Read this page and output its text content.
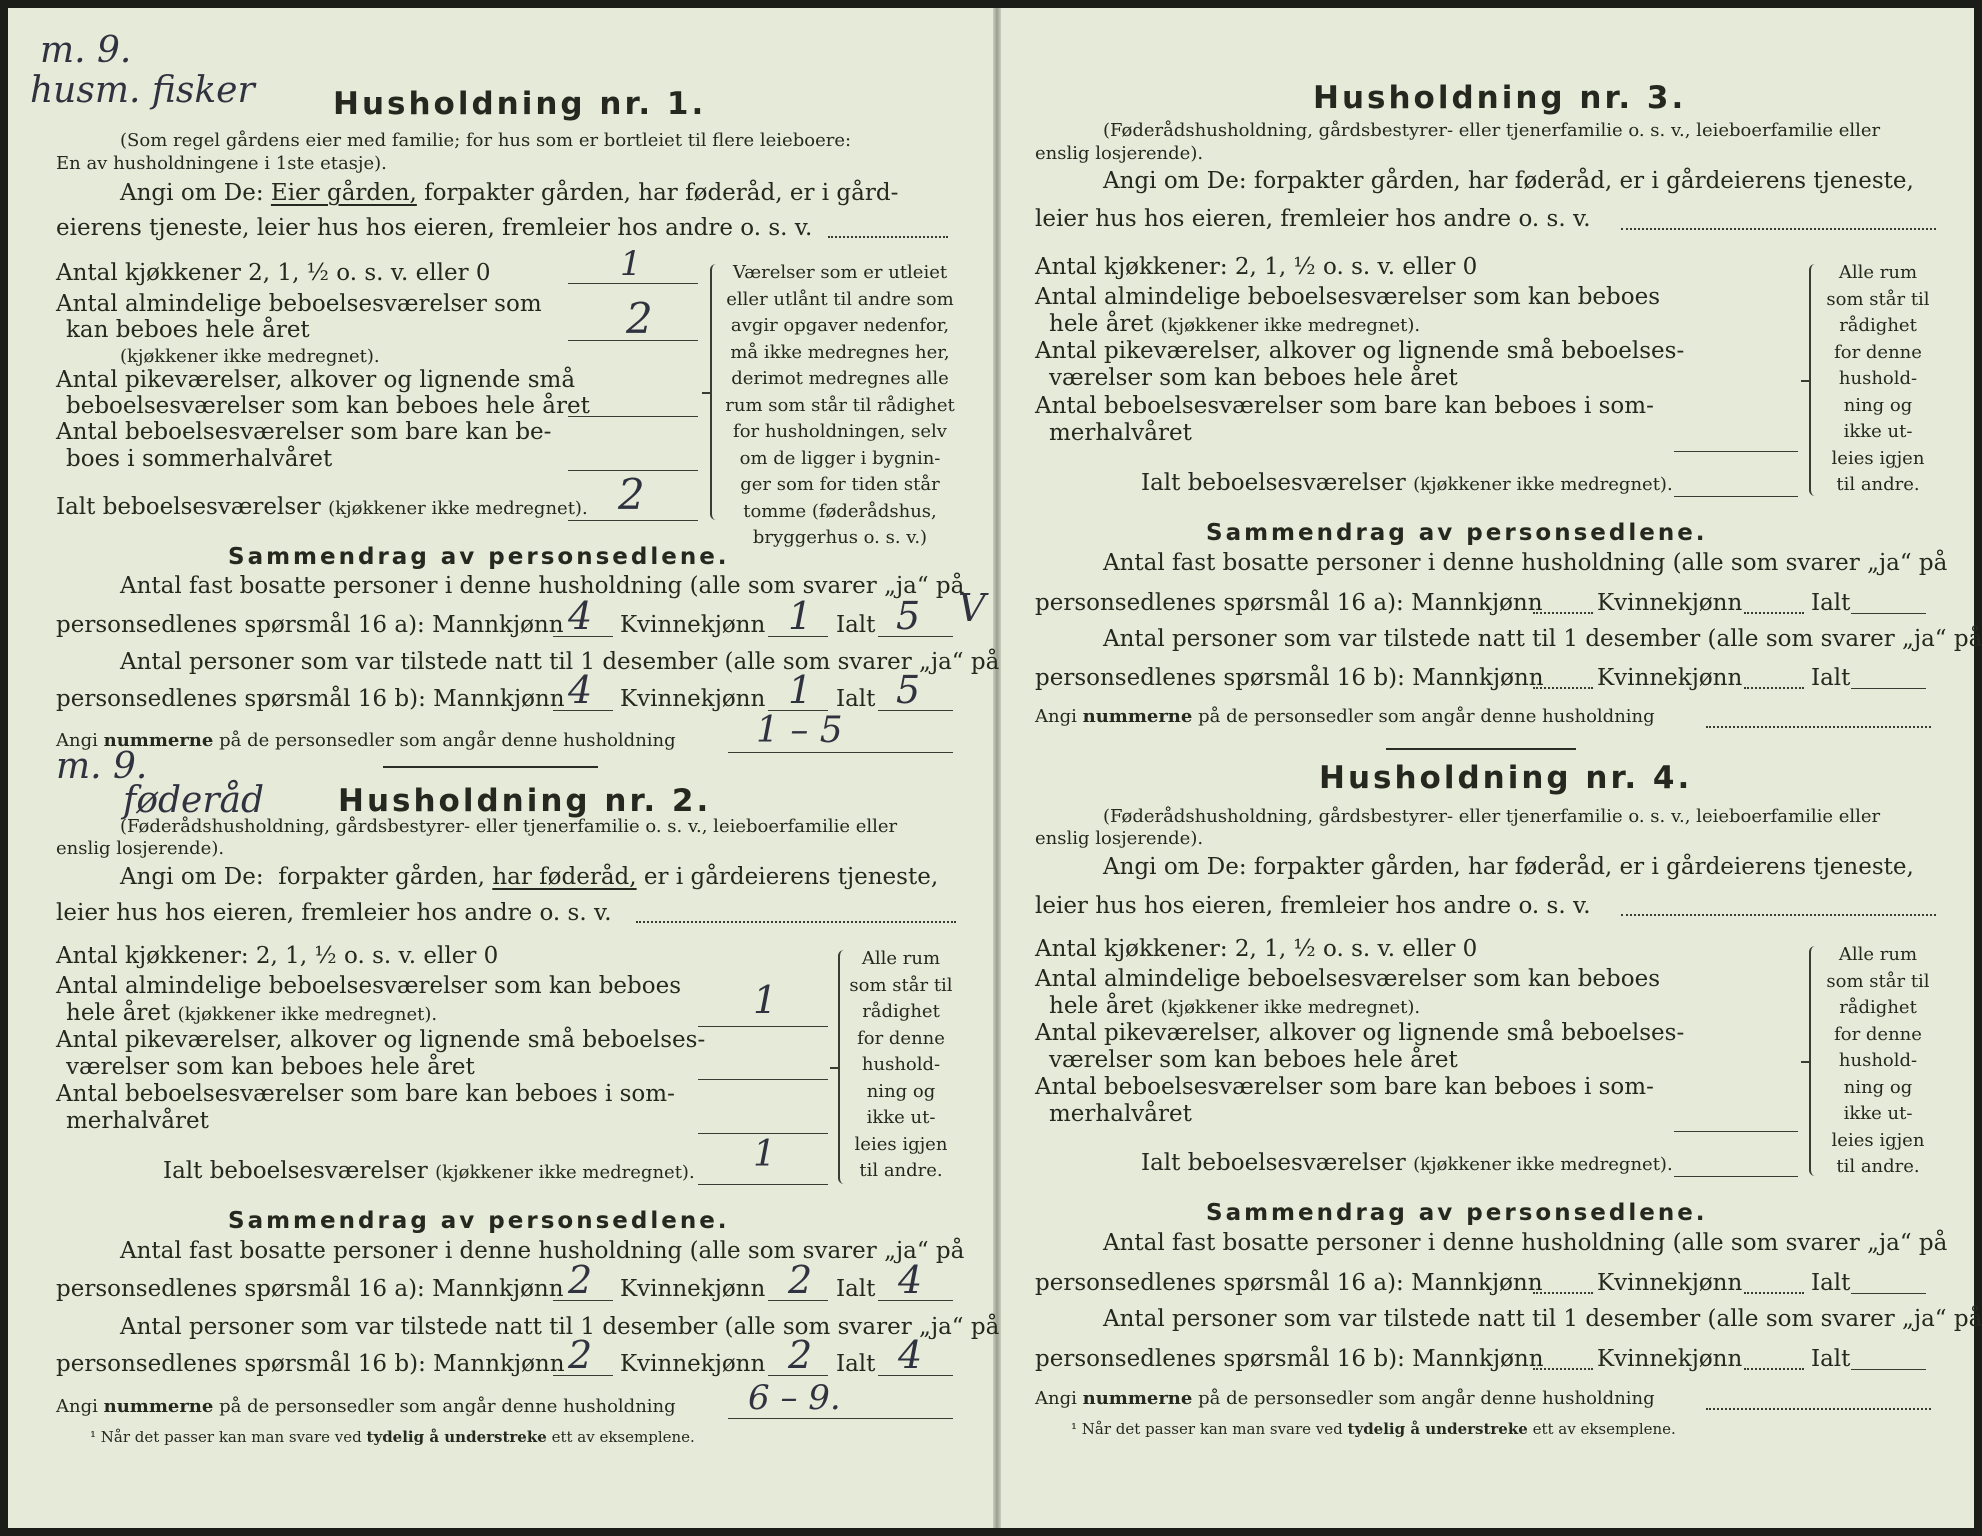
m. 9.
husm. fisker	Husholdning nr. 1.
(Som regel gårdens eier med familie; for hus som er bortleiet til flere leieboere:
En av husholdningene i 1ste etasje).
Angi om De: Eier gården, forpakter gården, har føderåd, er i gård-
eierens tjeneste, leier hus hos eieren, fremleier hos andre o. s. v.
Antal kjøkkener 2, 1, ½ o. s. v. eller 0	1
Antal almindelige beboelsesværelser som
kan beboes hele året	2
(kjøkkener ikke medregnet).
Antal pikeværelser, alkover og lignende små
beboelsesværelser som kan beboes hele året
Antal beboelsesværelser som bare kan be-
boes i sommerhalvåret
Ialt beboelsesværelser (kjøkkener ikke medregnet). 2
Værelser som er utleiet
eller utlånt til andre som
avgir opgaver nedenfor,
må ikke medregnes her,
derimot medregnes alle
rum som står til rådighet
for husholdningen, selv
om de ligger i bygnin-
ger som for tiden står
tomme (føderådshus,
bryggerhus o. s. v.)
Sammendrag av personsedlene.
Antal fast bosatte personer i denne husholdning (alle som svarer „ja“ på
personsedlenes spørsmål 16 a): Mannkjønn 4 Kvinnekjønn 1 Ialt 5 V
Antal personer som var tilstede natt til 1 desember (alle som svarer „ja“ på
personsedlenes spørsmål 16 b): Mannkjønn 4 Kvinnekjønn 1 Ialt 5
Angi nummerne på de personsedler som angår denne husholdning 1 – 5
m. 9.
føderåd Husholdning nr. 2.
(Føderådshusholdning, gårdsbestyrer- eller tjenerfamilie o. s. v., leieboerfamilie eller
enslig losjerende).
Angi om De: forpakter gården, har føderåd, er i gårdeierens tjeneste,
leier hus hos eieren, fremleier hos andre o. s. v.
Antal kjøkkener: 2, 1, ½ o. s. v. eller 0
Antal almindelige beboelsesværelser som kan beboes
hele året (kjøkkener ikke medregnet).	1
Antal pikeværelser, alkover og lignende små beboelses-
værelser som kan beboes hele året
Antal beboelsesværelser som bare kan beboes i som-
merhalvåret
Ialt beboelsesværelser (kjøkkener ikke medregnet). 1
Alle rum
som står til
rådighet
for denne
hushold-
ning og
ikke ut-
leies igjen
til andre.
Sammendrag av personsedlene.
Antal fast bosatte personer i denne husholdning (alle som svarer „ja“ på
personsedlenes spørsmål 16 a): Mannkjønn 2 Kvinnekjønn 2 Ialt 4
Antal personer som var tilstede natt til 1 desember (alle som svarer „ja“ på
personsedlenes spørsmål 16 b): Mannkjønn 2 Kvinnekjønn 2 Ialt 4
Angi nummerne på de personsedler som angår denne husholdning 6 – 9.
¹ Når det passer kan man svare ved tydelig å understreke ett av eksemplene.
Husholdning nr. 3.
(Føderådshusholdning, gårdsbestyrer- eller tjenerfamilie o. s. v., leieboerfamilie eller
enslig losjerende).
Angi om De: forpakter gården, har føderåd, er i gårdeierens tjeneste,
leier hus hos eieren, fremleier hos andre o. s. v.
Antal kjøkkener: 2, 1, ½ o. s. v. eller 0
Antal almindelige beboelsesværelser som kan beboes
hele året (kjøkkener ikke medregnet).
Antal pikeværelser, alkover og lignende små beboelses-
værelser som kan beboes hele året
Antal beboelsesværelser som bare kan beboes i som-
merhalvåret
Ialt beboelsesværelser (kjøkkener ikke medregnet).
Alle rum
som står til
rådighet
for denne
hushold-
ning og
ikke ut-
leies igjen
til andre.
Sammendrag av personsedlene.
Antal fast bosatte personer i denne husholdning (alle som svarer „ja“ på
personsedlenes spørsmål 16 a): Mannkjønn Kvinnekjønn	Ialt
Antal personer som var tilstede natt til 1 desember (alle som svarer „ja“ på
personsedlenes spørsmål 16 b): Mannkjønn Kvinnekjønn	Ialt
Angi nummerne på de personsedler som angår denne husholdning
Husholdning nr. 4.
(Føderådshusholdning, gårdsbestyrer- eller tjenerfamilie o. s. v., leieboerfamilie eller
enslig losjerende).
Angi om De: forpakter gården, har føderåd, er i gårdeierens tjeneste,
leier hus hos eieren, fremleier hos andre o. s. v.
Antal kjøkkener: 2, 1, ½ o. s. v. eller 0
Antal almindelige beboelsesværelser som kan beboes
hele året (kjøkkener ikke medregnet).
Antal pikeværelser, alkover og lignende små beboelses-
værelser som kan beboes hele året
Antal beboelsesværelser som bare kan beboes i som-
merhalvåret
Ialt beboelsesværelser (kjøkkener ikke medregnet).
Alle rum
som står til
rådighet
for denne
hushold-
ning og
ikke ut-
leies igjen
til andre.
Sammendrag av personsedlene.
Antal fast bosatte personer i denne husholdning (alle som svarer „ja“ på
personsedlenes spørsmål 16 a): Mannkjønn Kvinnekjønn	Ialt
Antal personer som var tilstede natt til 1 desember (alle som svarer „ja“ på
personsedlenes spørsmål 16 b): Mannkjønn Kvinnekjønn	Ialt
Angi nummerne på de personsedler som angår denne husholdning
¹ Når det passer kan man svare ved tydelig å understreke ett av eksemplene.
